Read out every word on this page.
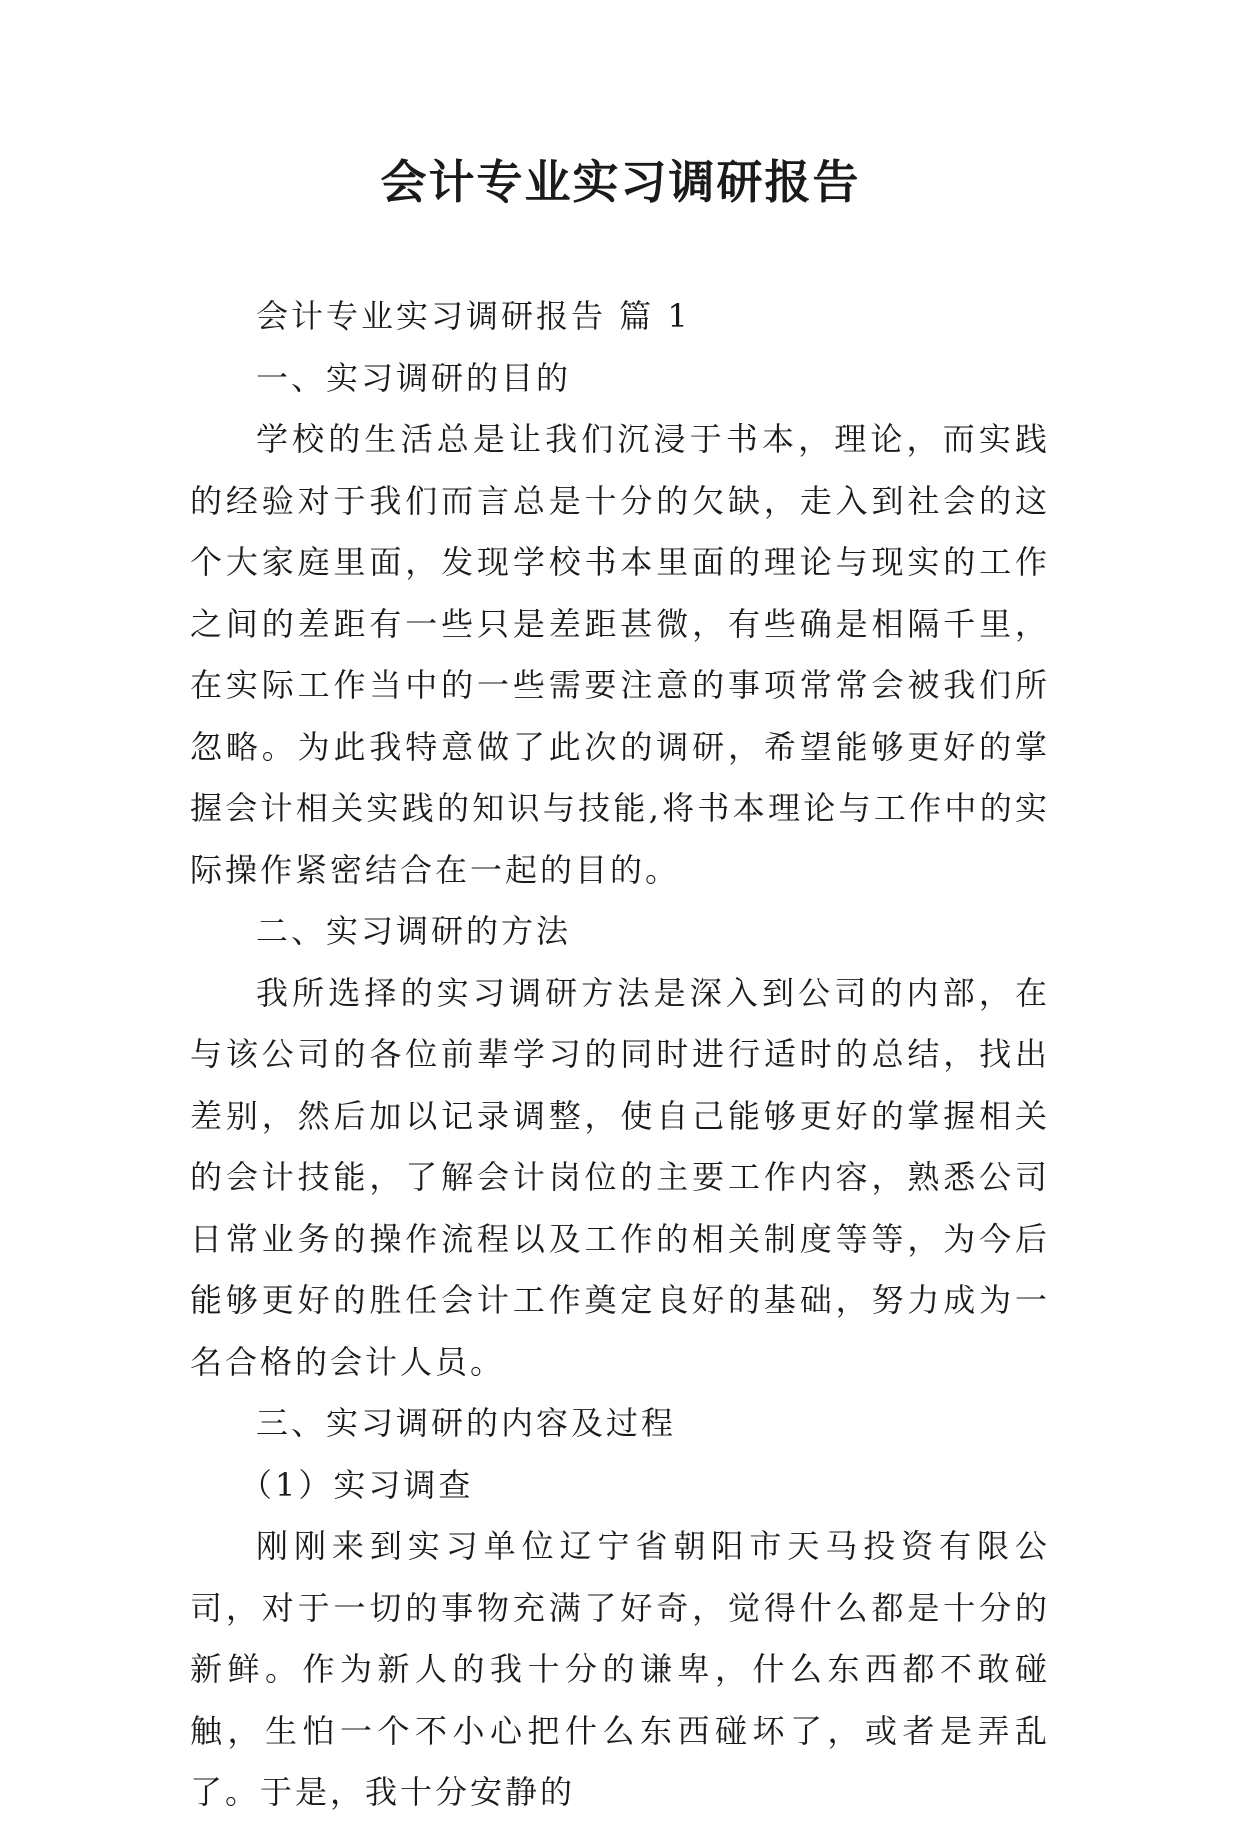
会计专业实习调研报告

会计专业实习调研报告 篇 1

一、实习调研的目的

学校的生活总是让我们沉浸于书本，理论，而实践的经验对于我们而言总是十分的欠缺，走入到社会的这个大家庭里面，发现学校书本里面的理论与现实的工作之间的差距有一些只是差距甚微，有些确是相隔千里，在实际工作当中的一些需要注意的事项常常会被我们所忽略。为此我特意做了此次的调研，希望能够更好的掌握会计相关实践的知识与技能,将书本理论与工作中的实际操作紧密结合在一起的目的。

二、实习调研的方法

我所选择的实习调研方法是深入到公司的内部，在与该公司的各位前辈学习的同时进行适时的总结，找出差别，然后加以记录调整，使自己能够更好的掌握相关的会计技能，了解会计岗位的主要工作内容，熟悉公司日常业务的操作流程以及工作的相关制度等等，为今后能够更好的胜任会计工作奠定良好的基础，努力成为一名合格的会计人员。

三、实习调研的内容及过程

（1）实习调查

刚刚来到实习单位辽宁省朝阳市天马投资有限公司，对于一切的事物充满了好奇，觉得什么都是十分的新鲜。作为新人的我十分的谦卑，什么东西都不敢碰触，生怕一个不小心把什么东西碰坏了，或者是弄乱了。于是，我十分安静的
